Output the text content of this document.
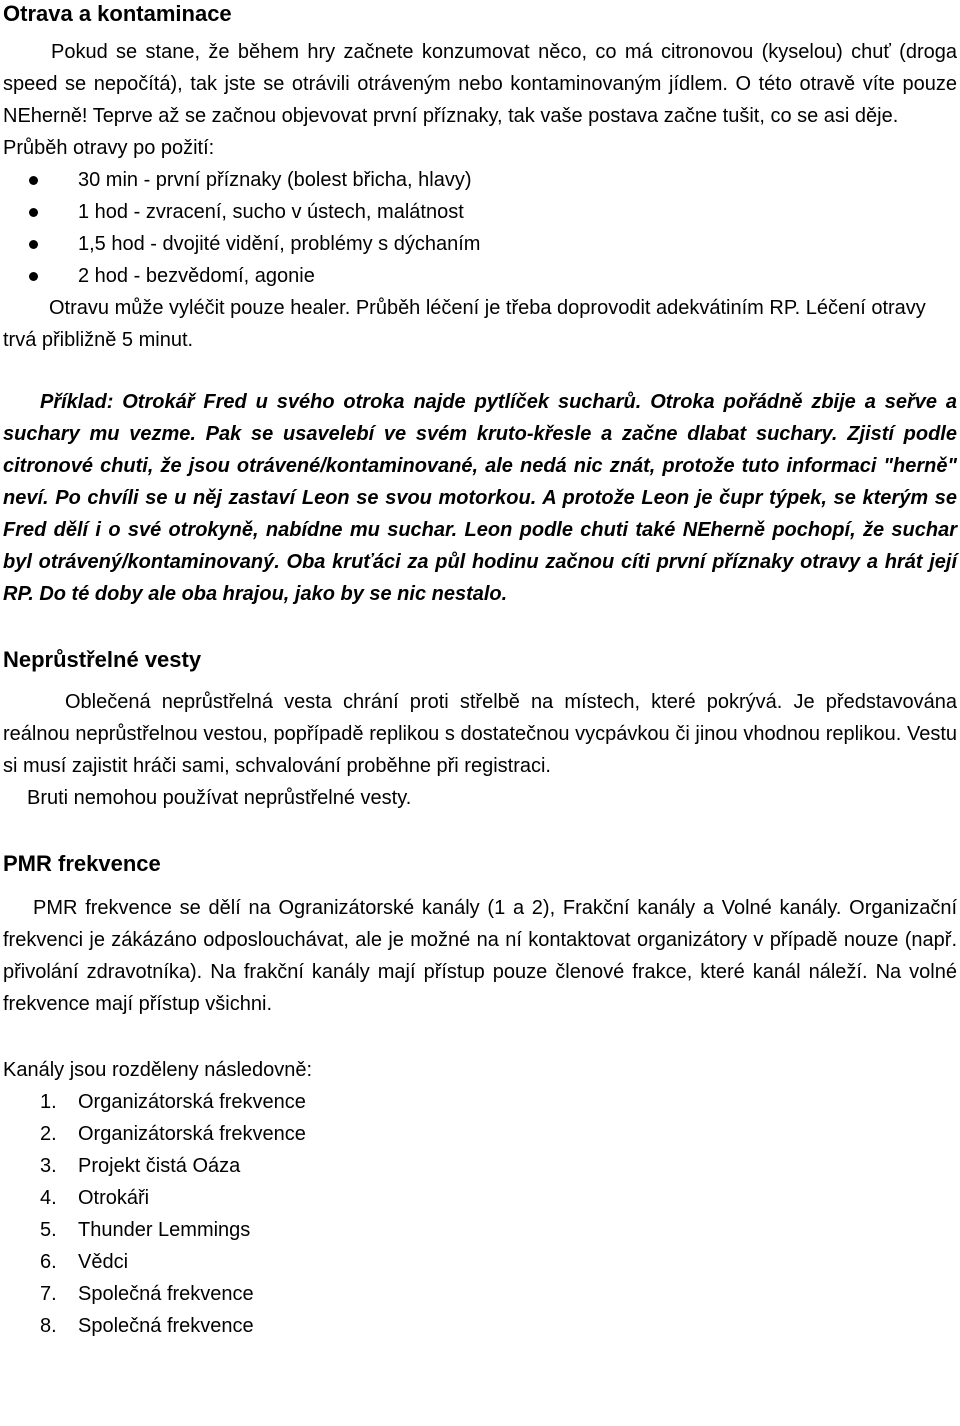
Otrava a kontaminace

Pokud se stane, že během hry začnete konzumovat něco, co má citronovou (kyselou) chuť (droga speed se nepočítá), tak jste se otrávili otráveným nebo kontaminovaným jídlem. O této otravě víte pouze NEherně! Teprve až se začnou objevovat první příznaky, tak vaše postava začne tušit, co se asi děje.

Průběh otravy po požití:

30 min - první příznaky (bolest břicha, hlavy)
1 hod - zvracení, sucho v ústech, malátnost
1,5 hod - dvojité vidění, problémy s dýchaním
2 hod - bezvědomí, agonie

Otravu může vyléčit pouze healer. Průběh léčení je třeba doprovodit adekvátiním RP. Léčení otravy trvá přibližně 5 minut.

Příklad: Otrokář Fred u svého otroka najde pytlíček sucharů. Otroka pořádně zbije a seřve a suchary mu vezme. Pak se usavelebí ve svém kruto-křesle a začne dlabat suchary. Zjistí podle citronové chuti, že jsou otrávené/kontaminované, ale nedá nic znát, protože tuto informaci "herně" neví. Po chvíli se u něj zastaví Leon se svou motorkou. A protože Leon je čupr týpek, se kterým se Fred dělí i o své otrokyně, nabídne mu suchar. Leon podle chuti také NEherně pochopí, že suchar byl otrávený/kontaminovaný. Oba kruťáci za půl hodinu začnou cíti první příznaky otravy a hrát její RP. Do té doby ale oba hrajou, jako by se nic nestalo.

Neprůstřelné vesty

Oblečená neprůstřelná vesta chrání proti střelbě na místech, které pokrývá. Je představována reálnou neprůstřelnou vestou, popřípadě replikou s dostatečnou vycpávkou či jinou vhodnou replikou. Vestu si musí zajistit hráči sami, schvalování proběhne při registraci.

Bruti nemohou používat neprůstřelné vesty.

PMR frekvence

PMR frekvence se dělí na Ogranizátorské kanály (1 a 2), Frakční kanály a Volné kanály. Organizační frekvenci je zákázáno odposlouchávat, ale je možné na ní kontaktovat organizátory v případě nouze (např. přivolání zdravotníka). Na frakční kanály mají přístup pouze členové frakce, které kanál náleží. Na volné frekvence mají přístup všichni.

Kanály jsou rozděleny následovně:

1. Organizátorská frekvence
2. Organizátorská frekvence
3. Projekt čistá Oáza
4. Otrokáři
5. Thunder Lemmings
6. Vědci
7. Společná frekvence
8. Společná frekvence
